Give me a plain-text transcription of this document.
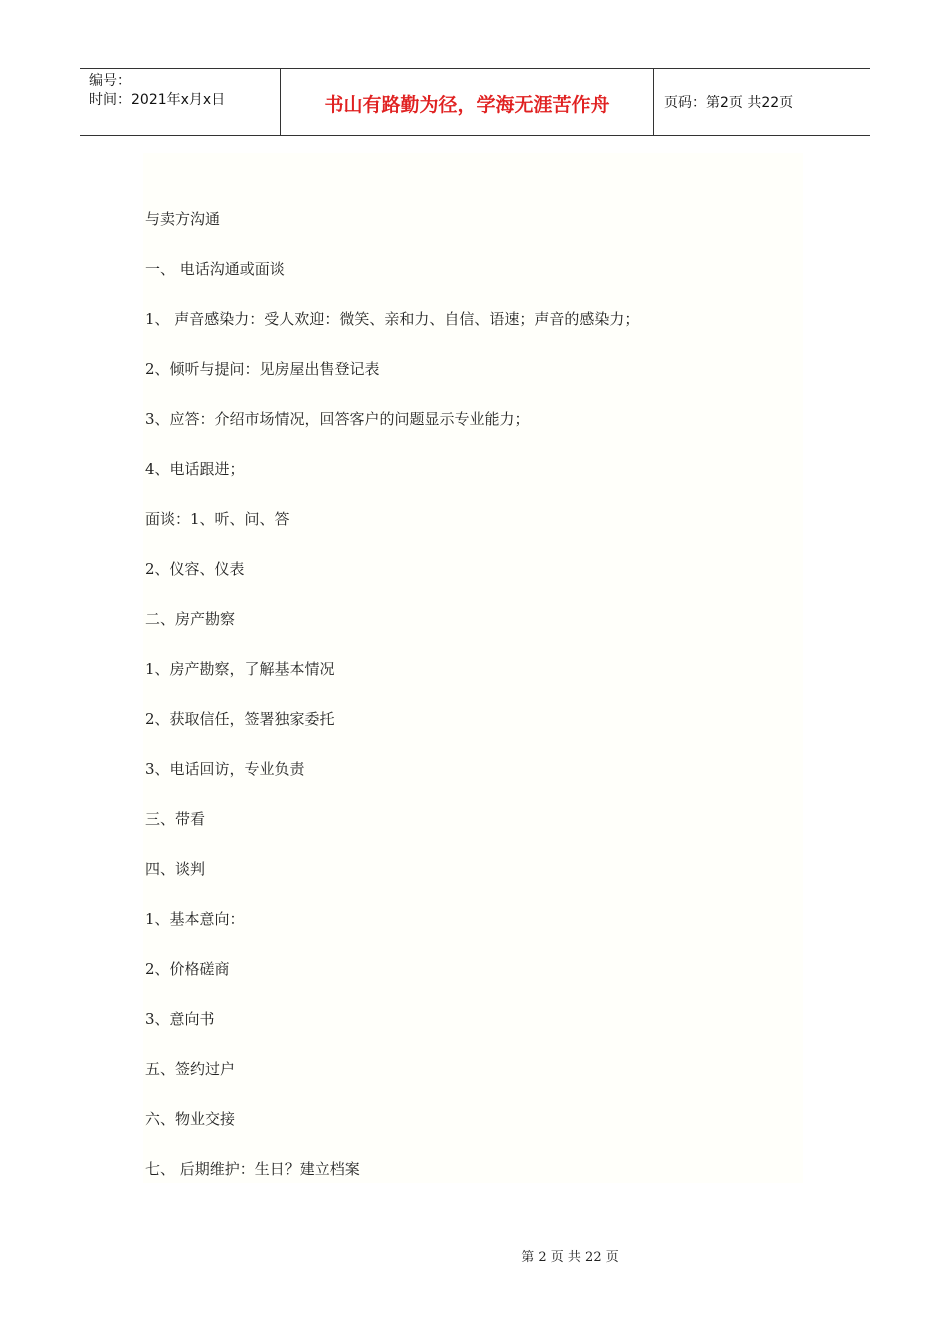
编号：
时间：2021年x月x日	书山有路勤为径，学海无涯苦作舟	页码：第2页 共22页

与卖方沟通

一、 电话沟通或面谈

1、 声音感染力：受人欢迎：微笑、亲和力、自信、语速；声音的感染力；

2、倾听与提问：见房屋出售登记表

3、应答：介绍市场情况，回答客户的问题显示专业能力；

4、电话跟进；

面谈：1、听、问、答

2、仪容、仪表

二、房产勘察

1、房产勘察，了解基本情况

2、获取信任，签署独家委托

3、电话回访，专业负责

三、带看

四、谈判

1、基本意向：

2、价格磋商

3、意向书

五、签约过户

六、物业交接

七、 后期维护：生日？建立档案

第 2 页 共 22 页
